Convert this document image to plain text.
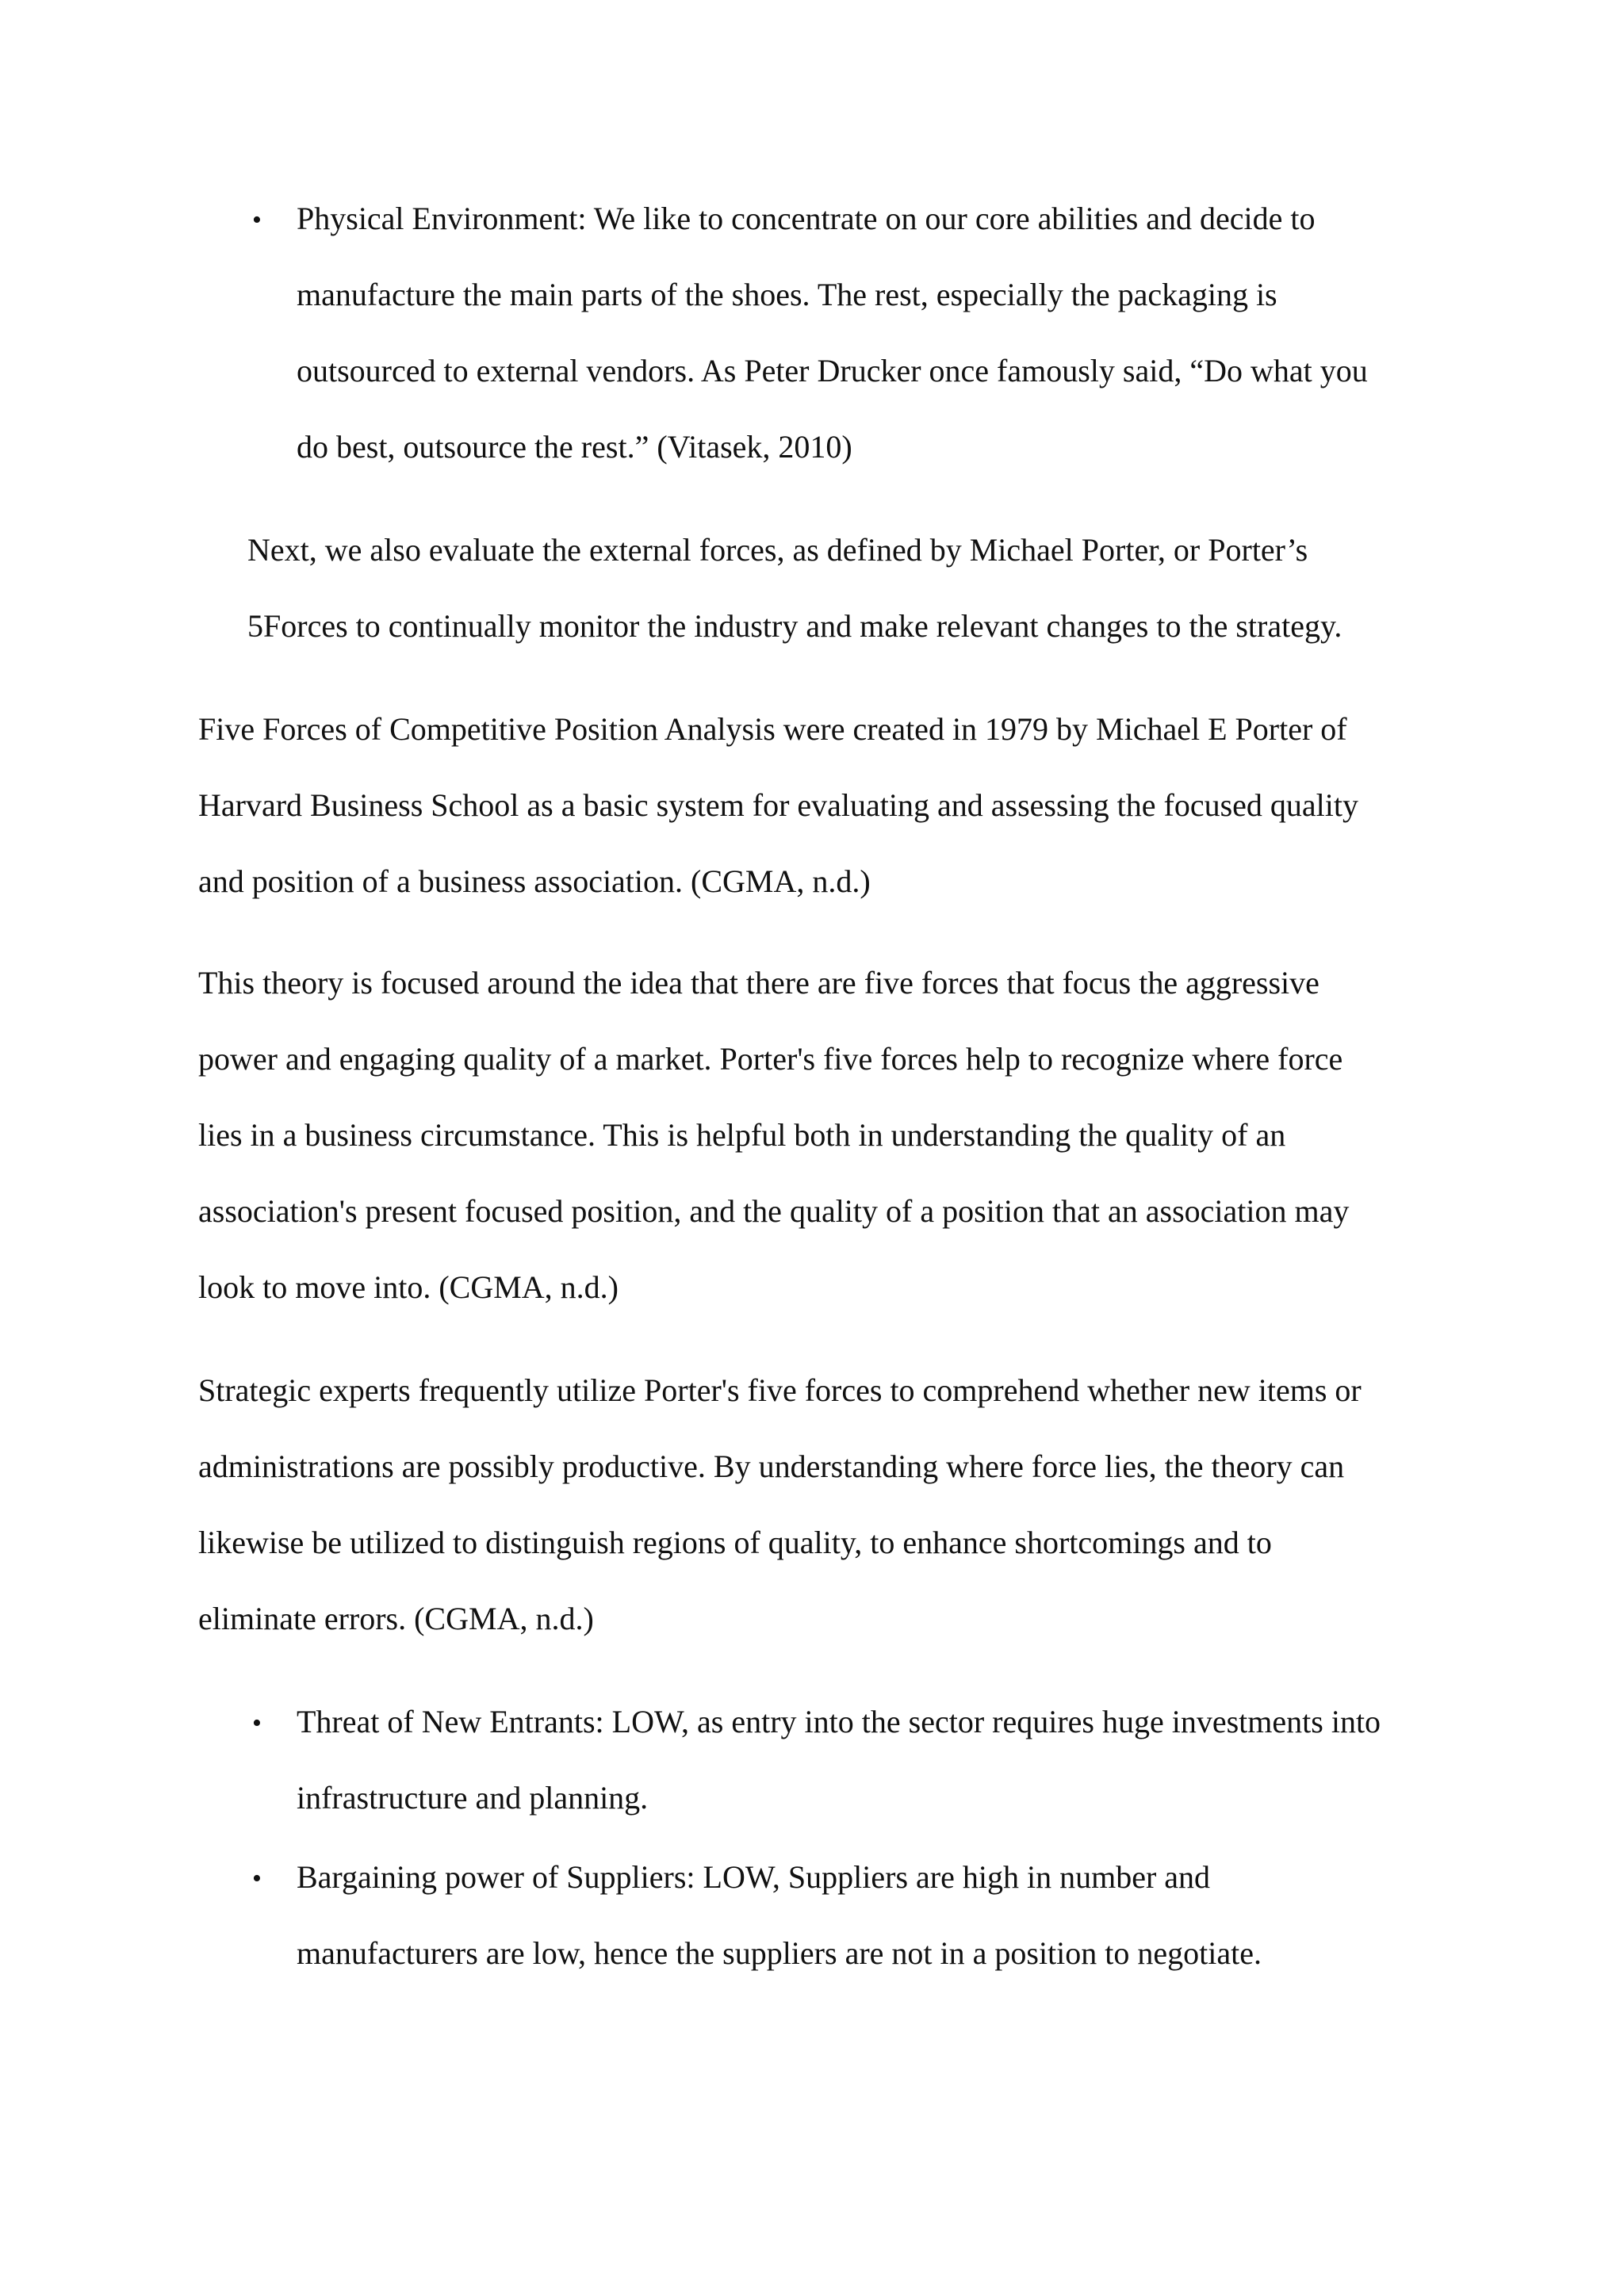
• Physical Environment: We like to concentrate on our core abilities and decide to
manufacture the main parts of the shoes. The rest, especially the packaging is
outsourced to external vendors. As Peter Drucker once famously said, “Do what you
do best, outsource the rest.” (Vitasek, 2010)
Next, we also evaluate the external forces, as defined by Michael Porter, or Porter’s
5Forces to continually monitor the industry and make relevant changes to the strategy.
Five Forces of Competitive Position Analysis were created in 1979 by Michael E Porter of
Harvard Business School as a basic system for evaluating and assessing the focused quality
and position of a business association. (CGMA, n.d.)
This theory is focused around the idea that there are five forces that focus the aggressive
power and engaging quality of a market. Porter's five forces help to recognize where force
lies in a business circumstance. This is helpful both in understanding the quality of an
association's present focused position, and the quality of a position that an association may
look to move into. (CGMA, n.d.)
Strategic experts frequently utilize Porter's five forces to comprehend whether new items or
administrations are possibly productive. By understanding where force lies, the theory can
likewise be utilized to distinguish regions of quality, to enhance shortcomings and to
eliminate errors. (CGMA, n.d.)
• Threat of New Entrants: LOW, as entry into the sector requires huge investments into
infrastructure and planning.
• Bargaining power of Suppliers: LOW, Suppliers are high in number and
manufacturers are low, hence the suppliers are not in a position to negotiate.
